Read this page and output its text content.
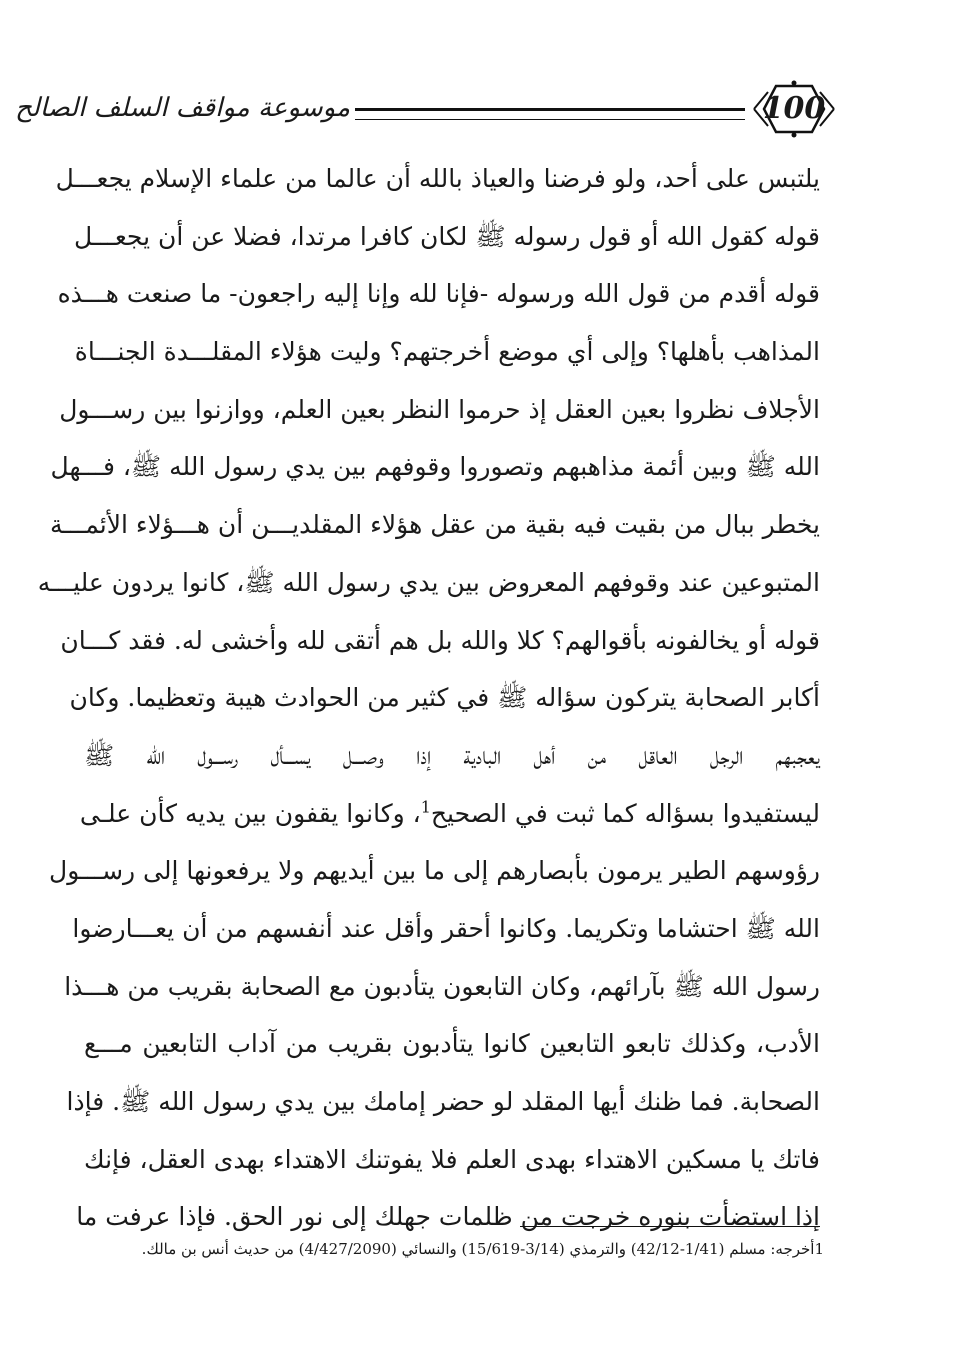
موسوعة مواقف السلف الصالح	100
يلتبس على أحد، ولو فرضنا والعياذ بالله أن عالما من علماء الإسلام يجعـــل
قوله كقول الله أو قول رسوله ﷺ لكان كافرا مرتدا، فضلا عن أن يجعـــل
قوله أقدم من قول الله ورسوله -فإنا لله وإنا إليه راجعون- ما صنعت هـــذه
المذاهب بأهلها؟ وإلى أي موضع أخرجتهم؟ وليت هؤلاء المقلـــدة الجنـــاة
الأجلاف نظروا بعين العقل إذ حرموا النظر بعين العلم، ووازنوا بين رســـول
الله ﷺ وبين أئمة مذاهبهم وتصوروا وقوفهم بين يدي رسول الله ﷺ، فـــهل
يخطر ببال من بقيت فيه بقية من عقل هؤلاء المقلديـــن أن هـــؤلاء الأئمـــة
المتبوعين عند وقوفهم المعروض بين يدي رسول الله ﷺ، كانوا يردون عليـــه
قوله أو يخالفونه بأقوالهم؟ كلا والله بل هم أتقى لله وأخشى له. فقد كـــان
أكابر الصحابة يتركون سؤاله ﷺ في كثير من الحوادث هيبة وتعظيما. وكان
يعجبهم الرجل العاقل من أهل البادية إذا وصـــل يســـأل رســـول الله ﷺ
ليستفيدوا بسؤاله كما ثبت في الصحيح$^1$، وكانوا يقفون بين يديه كأن علـى
رؤوسهم الطير يرمون بأبصارهم إلى ما بين أيديهم ولا يرفعونها إلى رســـول
الله ﷺ احتشاما وتكريما. وكانوا أحقر وأقل عند أنفسهم من أن يعـــارضوا
رسول الله ﷺ بآرائهم، وكان التابعون يتأدبون مع الصحابة بقريب من هـــذا
الأدب، وكذلك تابعو التابعين كانوا يتأدبون بقريب من آداب التابعين مـــع
الصحابة. فما ظنك أيها المقلد لو حضر إمامك بين يدي رسول الله ﷺ. فإذا
فاتك يا مسكين الاهتداء بهدى العلم فلا يفوتنك الاهتداء بهدى العقل، فإنك
إذا استضأت بنوره خرجت من ظلمات جهلك إلى نور الحق. فإذا عرفت ما
1أخرجه: مسلم (1/41-42/12) والترمذي (3/14-15/619) والنسائي (4/427/2090) من حديث أنس بن مالك.
